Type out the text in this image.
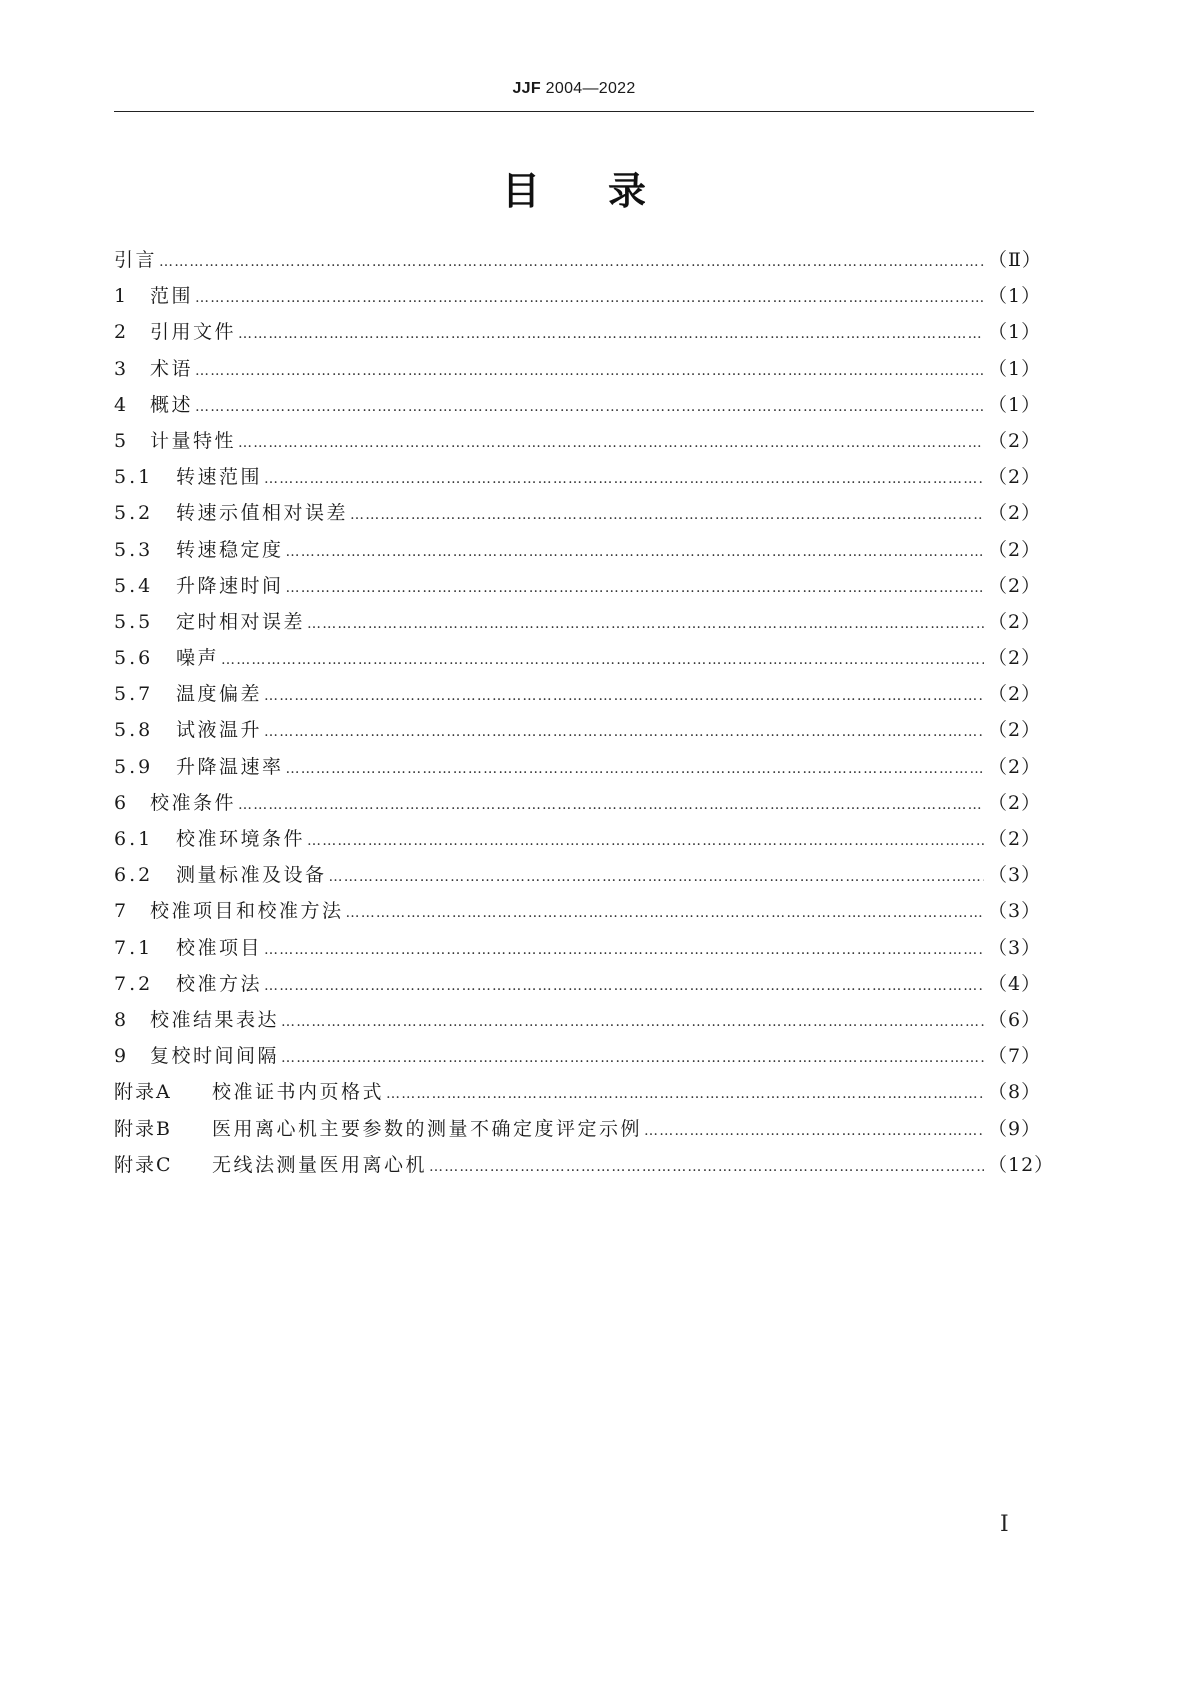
JJF 2004—2022
目录
引言 ………………………………………………………………………………………………………………………………………………………………………………	（Ⅱ）
1	范围 ………………………………………………………………………………………………………………………………………………………………………………	（1）
2	引用文件 ………………………………………………………………………………………………………………………………………………………………………………	（1）
3	术语 ………………………………………………………………………………………………………………………………………………………………………………	（1）
4	概述 ………………………………………………………………………………………………………………………………………………………………………………	（1）
5	计量特性 ………………………………………………………………………………………………………………………………………………………………………………	（2）
5.1	转速范围 ………………………………………………………………………………………………………………………………………………………………………………	（2）
5.2	转速示值相对误差 ………………………………………………………………………………………………………………………………………………………………………………	（2）
5.3	转速稳定度 ………………………………………………………………………………………………………………………………………………………………………………	（2）
5.4	升降速时间 ………………………………………………………………………………………………………………………………………………………………………………	（2）
5.5	定时相对误差 ………………………………………………………………………………………………………………………………………………………………………………	（2）
5.6	噪声 ………………………………………………………………………………………………………………………………………………………………………………	（2）
5.7	温度偏差 ………………………………………………………………………………………………………………………………………………………………………………	（2）
5.8	试液温升 ………………………………………………………………………………………………………………………………………………………………………………	（2）
5.9	升降温速率 ………………………………………………………………………………………………………………………………………………………………………………	（2）
6	校准条件 ………………………………………………………………………………………………………………………………………………………………………………	（2）
6.1	校准环境条件 ………………………………………………………………………………………………………………………………………………………………………………	（2）
6.2	测量标准及设备 ………………………………………………………………………………………………………………………………………………………………………………	（3）
7	校准项目和校准方法 ………………………………………………………………………………………………………………………………………………………………………………	（3）
7.1	校准项目 ………………………………………………………………………………………………………………………………………………………………………………	（3）
7.2	校准方法 ………………………………………………………………………………………………………………………………………………………………………………	（4）
8	校准结果表达 ………………………………………………………………………………………………………………………………………………………………………………	（6）
9	复校时间间隔 ………………………………………………………………………………………………………………………………………………………………………………	（7）
附录A	校准证书内页格式 ………………………………………………………………………………………………………………………………………………………………………………	（8）
附录B	医用离心机主要参数的测量不确定度评定示例 ………………………………………………………………………………………………………………………………………………………………………………	（9）
附录C	无线法测量医用离心机 ………………………………………………………………………………………………………………………………………………………………………………	（12）
I
